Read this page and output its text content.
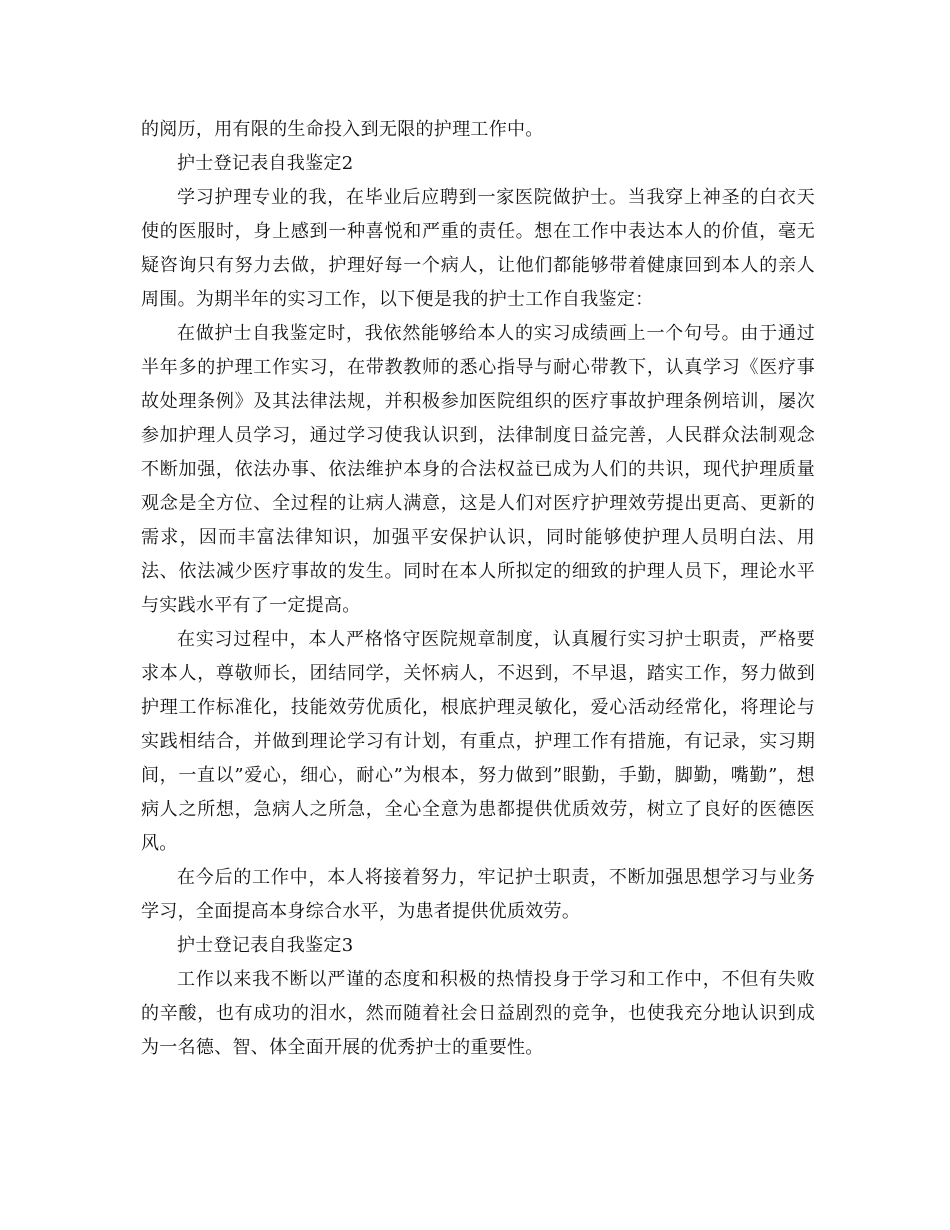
的阅历，用有限的生命投入到无限的护理工作中。

护士登记表自我鉴定2

学习护理专业的我，在毕业后应聘到一家医院做护士。当我穿上神圣的白衣天使的医服时，身上感到一种喜悦和严重的责任。想在工作中表达本人的价值，毫无疑咨询只有努力去做，护理好每一个病人，让他们都能够带着健康回到本人的亲人周围。为期半年的实习工作，以下便是我的护士工作自我鉴定：

在做护士自我鉴定时，我依然能够给本人的实习成绩画上一个句号。由于通过半年多的护理工作实习，在带教教师的悉心指导与耐心带教下，认真学习《医疗事故处理条例》及其法律法规，并积极参加医院组织的医疗事故护理条例培训，屡次参加护理人员学习，通过学习使我认识到，法律制度日益完善，人民群众法制观念不断加强，依法办事、依法维护本身的合法权益已成为人们的共识，现代护理质量观念是全方位、全过程的让病人满意，这是人们对医疗护理效劳提出更高、更新的需求，因而丰富法律知识，加强平安保护认识，同时能够使护理人员明白法、用法、依法减少医疗事故的发生。同时在本人所拟定的细致的护理人员下，理论水平与实践水平有了一定提高。

在实习过程中，本人严格恪守医院规章制度，认真履行实习护士职责，严格要求本人，尊敬师长，团结同学，关怀病人，不迟到，不早退，踏实工作，努力做到护理工作标准化，技能效劳优质化，根底护理灵敏化，爱心活动经常化，将理论与实践相结合，并做到理论学习有计划，有重点，护理工作有措施，有记录，实习期间，一直以”爱心，细心，耐心”为根本，努力做到”眼勤，手勤，脚勤，嘴勤”，想病人之所想，急病人之所急，全心全意为患都提供优质效劳，树立了良好的医德医风。

在今后的工作中，本人将接着努力，牢记护士职责，不断加强思想学习与业务学习，全面提高本身综合水平，为患者提供优质效劳。

护士登记表自我鉴定3

工作以来我不断以严谨的态度和积极的热情投身于学习和工作中，不但有失败的辛酸，也有成功的泪水，然而随着社会日益剧烈的竞争，也使我充分地认识到成为一名德、智、体全面开展的优秀护士的重要性。
